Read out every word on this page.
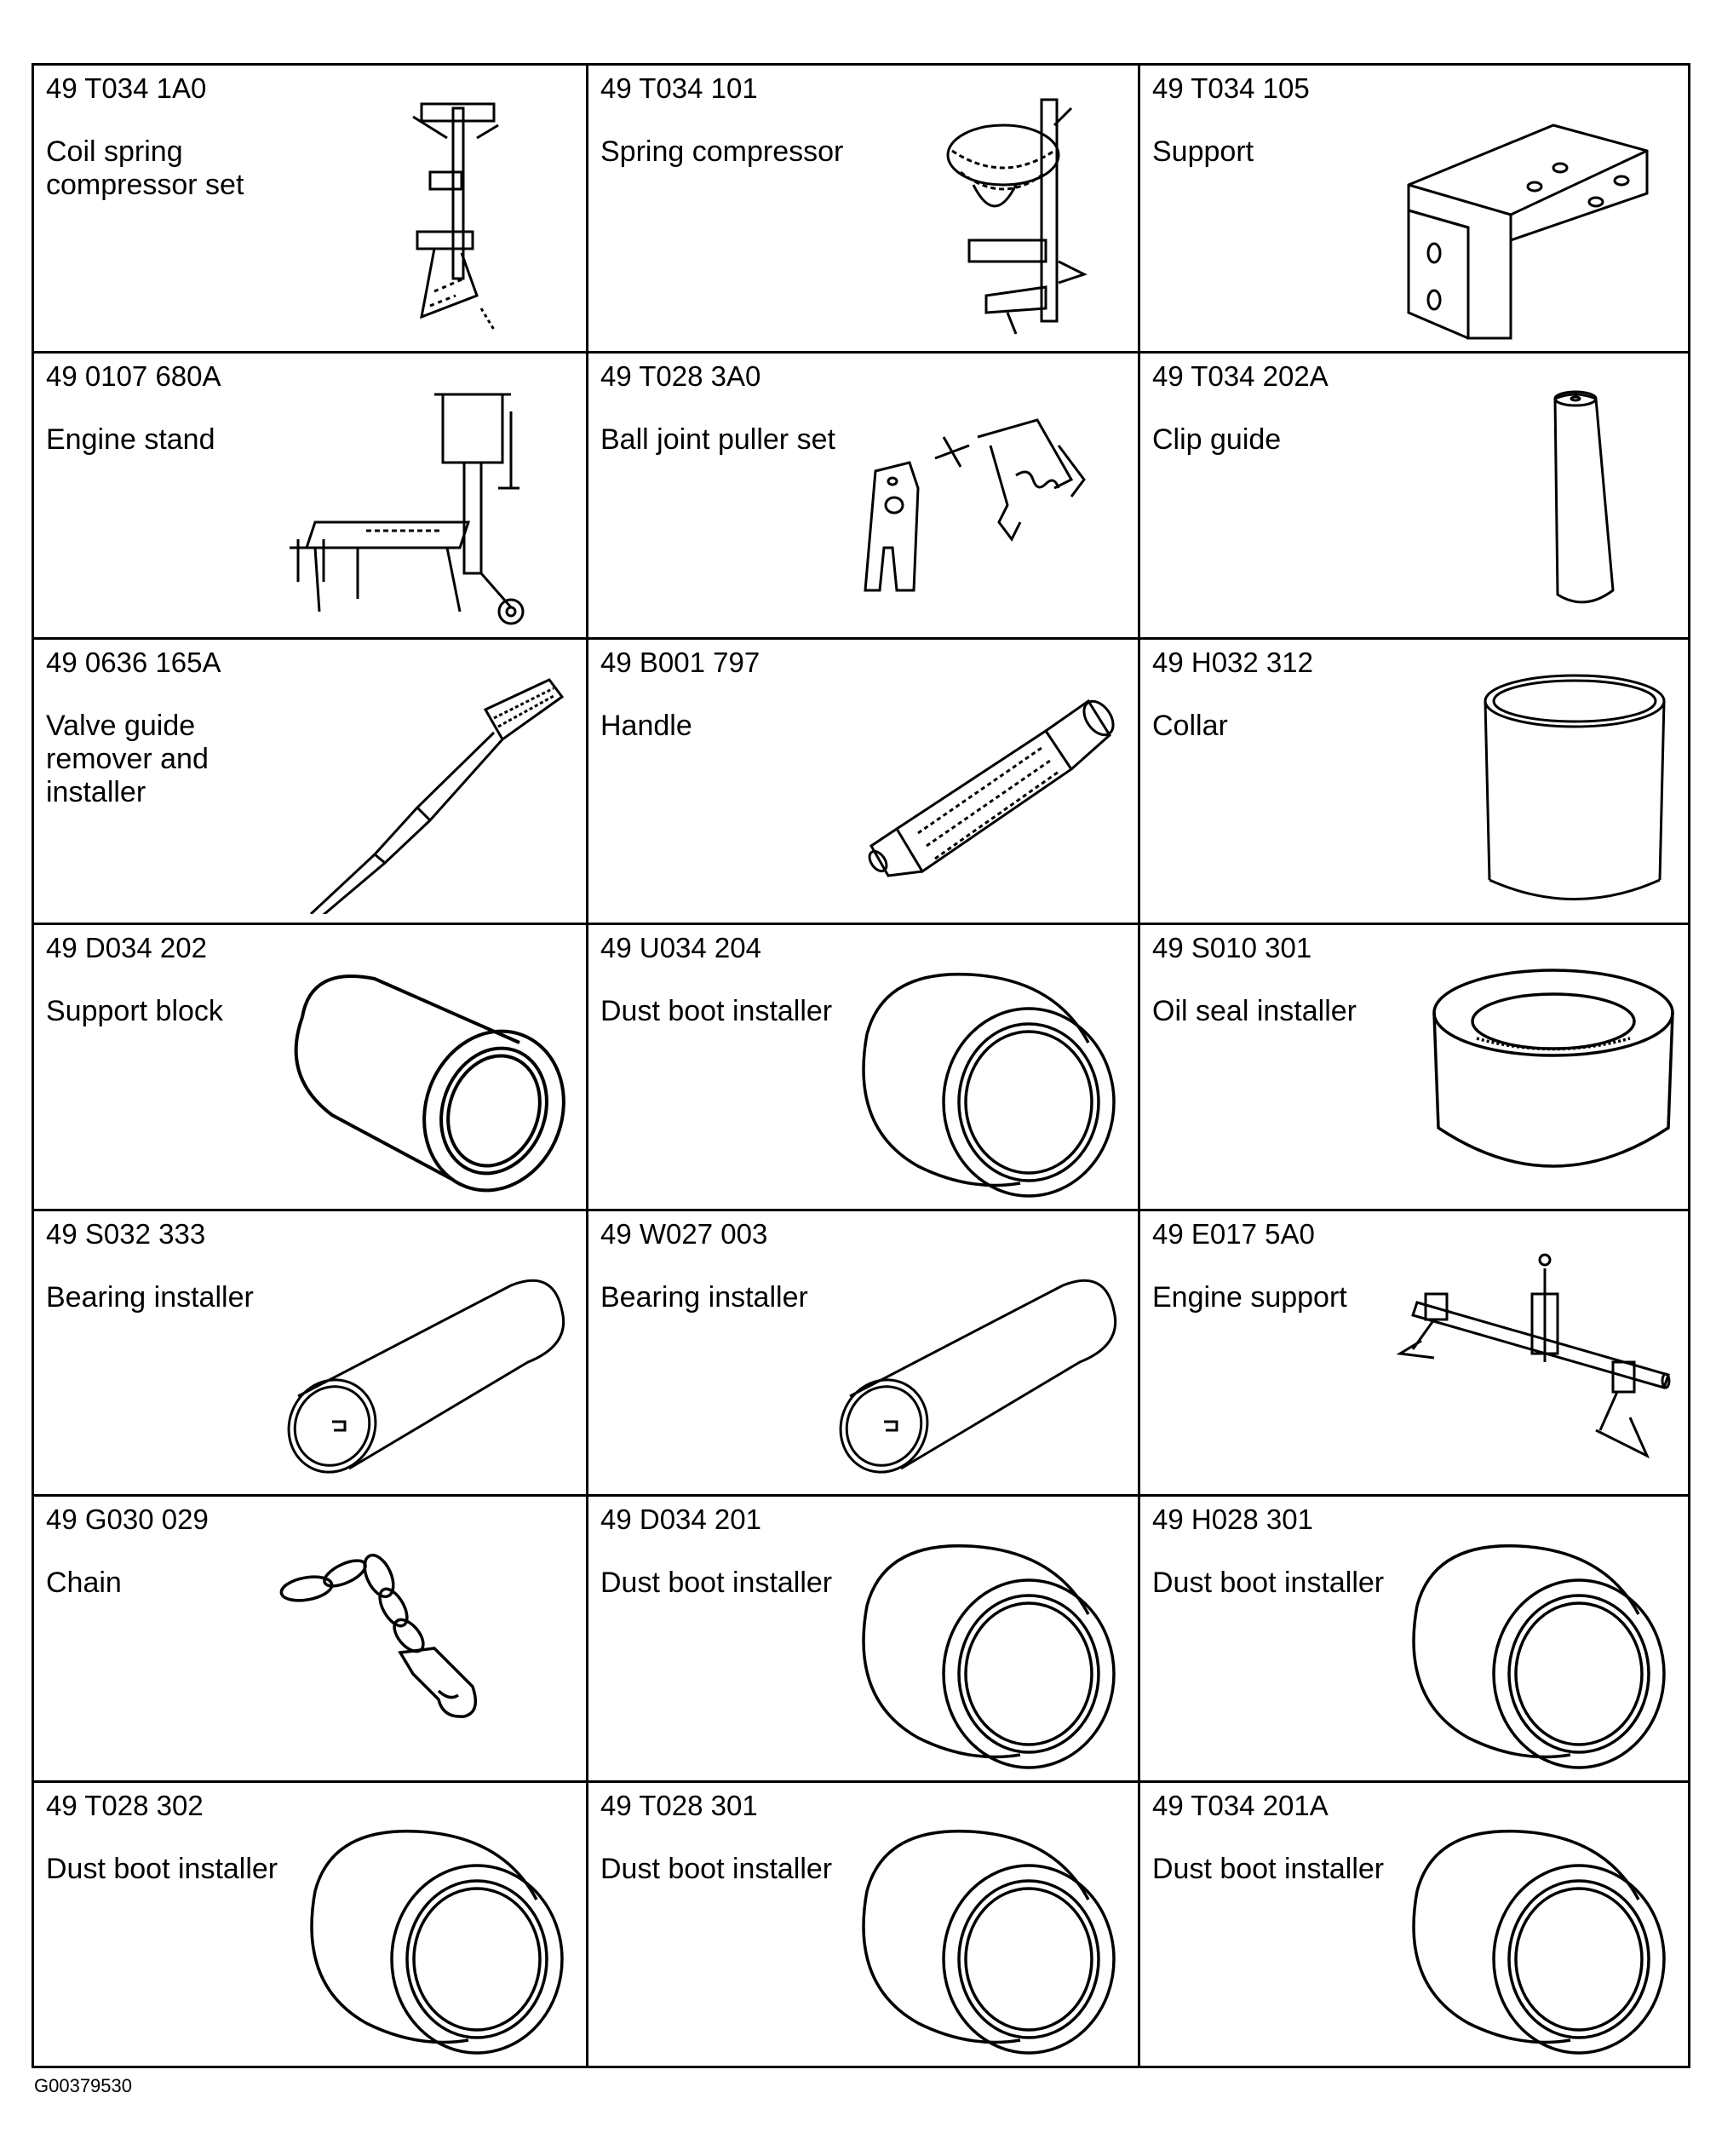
49 T034 1A0
Coil spring compressor set
49 T034 101
Spring compressor
49 T034 105
Support
49 0107 680A
Engine stand
49 T028 3A0
Ball joint puller set
49 T034 202A
Clip guide
49 0636 165A
Valve guide remover and installer
49 B001 797
Handle
49 H032 312
Collar
49 D034 202
Support block
49 U034 204
Dust boot installer
49 S010 301
Oil seal installer
49 S032 333
Bearing installer
49 W027 003
Bearing installer
49 E017 5A0
Engine support
49 G030 029
Chain
49 D034 201
Dust boot installer
49 H028 301
Dust boot installer
49 T028 302
Dust boot installer
49 T028 301
Dust boot installer
49 T034 201A
Dust boot installer
G00379530
